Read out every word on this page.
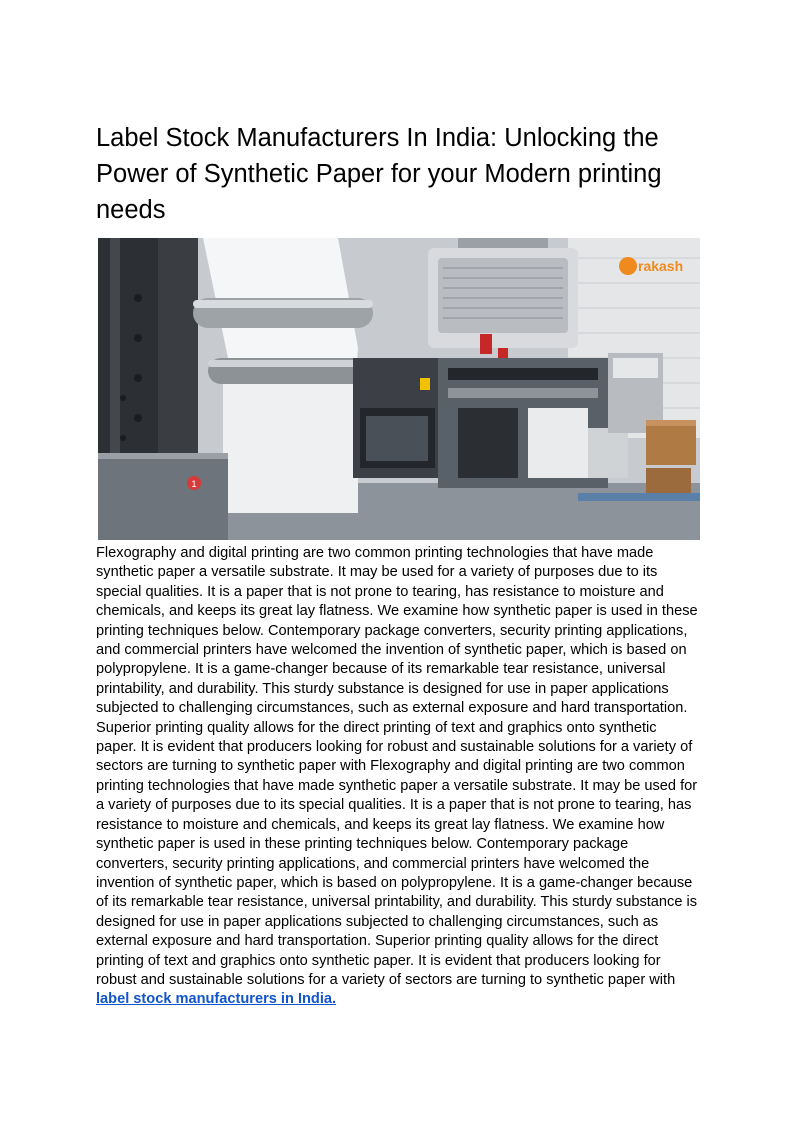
Label Stock Manufacturers In India: Unlocking the Power of Synthetic Paper for your Modern printing needs
1
rakash

Flexography and digital printing are two common printing technologies that have made synthetic paper a versatile substrate. It may be used for a variety of purposes due to its special qualities. It is a paper that is not prone to tearing, has resistance to moisture and chemicals, and keeps its great lay flatness. We examine how synthetic paper is used in these printing techniques below. Contemporary package converters, security printing applications, and commercial printers have welcomed the invention of synthetic paper, which is based on polypropylene. It is a game-changer because of its remarkable tear resistance, universal printability, and durability. This sturdy substance is designed for use in paper applications subjected to challenging circumstances, such as external exposure and hard transportation. Superior printing quality allows for the direct printing of text and graphics onto synthetic paper. It is evident that producers looking for robust and sustainable solutions for a variety of sectors are turning to synthetic paper with Flexography and digital printing are two common printing technologies that have made synthetic paper a versatile substrate. It may be used for a variety of purposes due to its special qualities. It is a paper that is not prone to tearing, has resistance to moisture and chemicals, and keeps its great lay flatness. We examine how synthetic paper is used in these printing techniques below. Contemporary package converters, security printing applications, and commercial printers have welcomed the invention of synthetic paper, which is based on polypropylene. It is a game-changer because of its remarkable tear resistance, universal printability, and durability. This sturdy substance is designed for use in paper applications subjected to challenging circumstances, such as external exposure and hard transportation. Superior printing quality allows for the direct printing of text and graphics onto synthetic paper. It is evident that producers looking for robust and sustainable solutions for a variety of sectors are turning to synthetic paper with label stock manufacturers in India.
